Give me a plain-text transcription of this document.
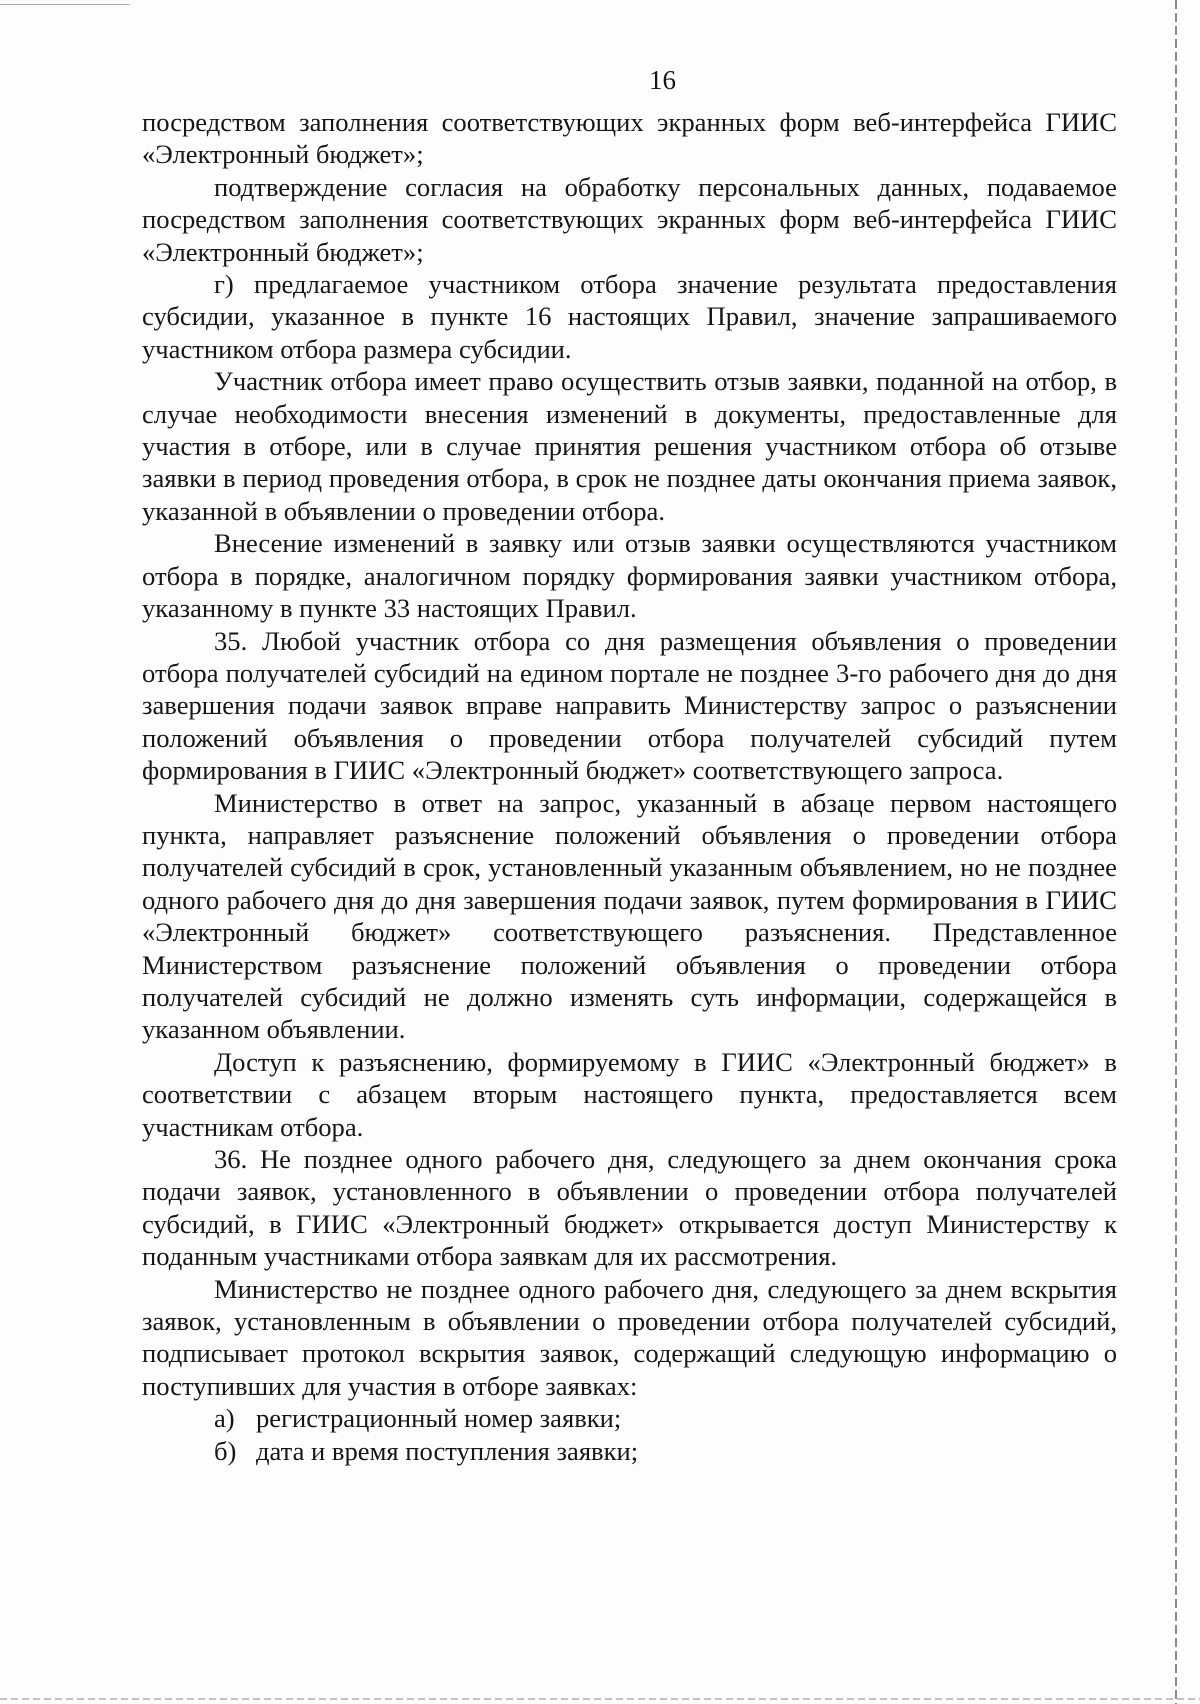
16

посредством заполнения соответствующих экранных форм веб-интерфейса ГИИС «Электронный бюджет»;

подтверждение согласия на обработку персональных данных, подаваемое посредством заполнения соответствующих экранных форм веб-интерфейса ГИИС «Электронный бюджет»;

г) предлагаемое участником отбора значение результата предоставления субсидии, указанное в пункте 16 настоящих Правил, значение запрашиваемого участником отбора размера субсидии.

Участник отбора имеет право осуществить отзыв заявки, поданной на отбор, в случае необходимости внесения изменений в документы, предоставленные для участия в отборе, или в случае принятия решения участником отбора об отзыве заявки в период проведения отбора, в срок не позднее даты окончания приема заявок, указанной в объявлении о проведении отбора.

Внесение изменений в заявку или отзыв заявки осуществляются участником отбора в порядке, аналогичном порядку формирования заявки участником отбора, указанному в пункте 33 настоящих Правил.

35. Любой участник отбора со дня размещения объявления о проведении отбора получателей субсидий на едином портале не позднее 3-го рабочего дня до дня завершения подачи заявок вправе направить Министерству запрос о разъяснении положений объявления о проведении отбора получателей субсидий путем формирования в ГИИС «Электронный бюджет» соответствующего запроса.

Министерство в ответ на запрос, указанный в абзаце первом настоящего пункта, направляет разъяснение положений объявления о проведении отбора получателей субсидий в срок, установленный указанным объявлением, но не позднее одного рабочего дня до дня завершения подачи заявок, путем формирования в ГИИС «Электронный бюджет» соответствующего разъяснения. Представленное Министерством разъяснение положений объявления о проведении отбора получателей субсидий не должно изменять суть информации, содержащейся в указанном объявлении.

Доступ к разъяснению, формируемому в ГИИС «Электронный бюджет» в соответствии с абзацем вторым настоящего пункта, предоставляется всем участникам отбора.

36. Не позднее одного рабочего дня, следующего за днем окончания срока подачи заявок, установленного в объявлении о проведении отбора получателей субсидий, в ГИИС «Электронный бюджет» открывается доступ Министерству к поданным участниками отбора заявкам для их рассмотрения.

Министерство не позднее одного рабочего дня, следующего за днем вскрытия заявок, установленным в объявлении о проведении отбора получателей субсидий, подписывает протокол вскрытия заявок, содержащий следующую информацию о поступивших для участия в отборе заявках:

а) регистрационный номер заявки;

б) дата и время поступления заявки;
